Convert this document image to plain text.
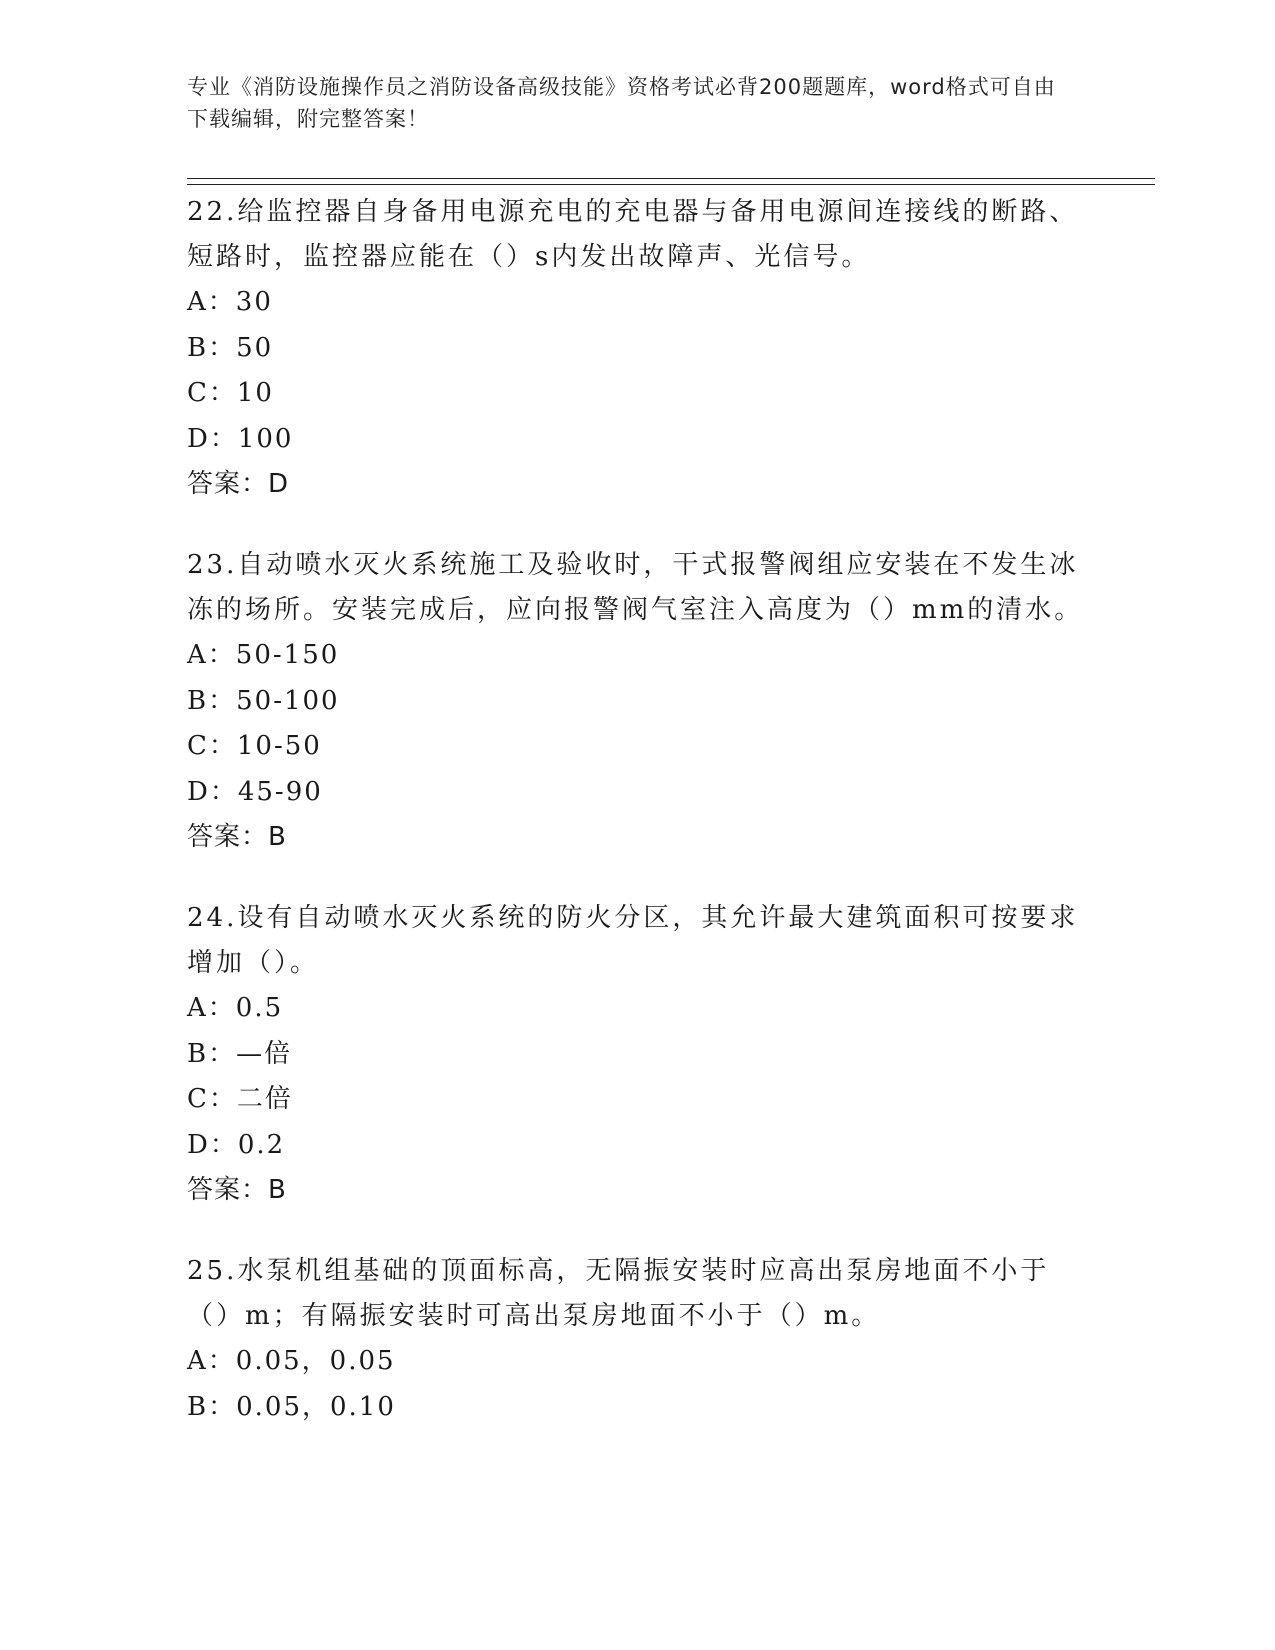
专业《消防设施操作员之消防设备高级技能》资格考试必背200题题库，word格式可自由下载编辑，附完整答案！

22.给监控器自身备用电源充电的充电器与备用电源间连接线的断路、短路时，监控器应能在（）s内发出故障声、光信号。

A：30

B：50

C：10

D：100

答案：D

23.自动喷水灭火系统施工及验收时，干式报警阀组应安装在不发生冰冻的场所。安装完成后，应向报警阀气室注入高度为（）mm的清水。

A：50-150

B：50-100

C：10-50

D：45-90

答案：B

24.设有自动喷水灭火系统的防火分区，其允许最大建筑面积可按要求增加（）。

A：0.5

B：—倍

C：二倍

D：0.2

答案：B

25.水泵机组基础的顶面标高，无隔振安装时应高出泵房地面不小于（）m；有隔振安装时可高出泵房地面不小于（）m。

A：0.05，0.05

B：0.05，0.10
